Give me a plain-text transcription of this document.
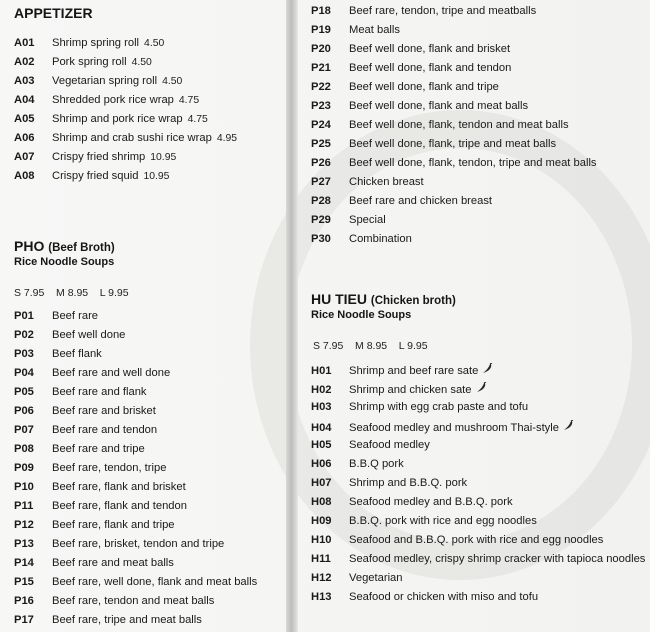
APPETIZER
A01	Shrimp spring roll 4.50
A02	Pork spring roll 4.50
A03	Vegetarian spring roll 4.50
A04	Shredded pork rice wrap 4.75
A05	Shrimp and pork rice wrap 4.75
A06	Shrimp and crab sushi rice wrap 4.95
A07	Crispy fried shrimp 10.95
A08	Crispy fried squid 10.95
PHO (Beef Broth)
Rice Noodle Soups
S 7.95    M 8.95    L 9.95
P01	Beef rare
P02	Beef well done
P03	Beef flank
P04	Beef rare and well done
P05	Beef rare and flank
P06	Beef rare and brisket
P07	Beef rare and tendon
P08	Beef rare and tripe
P09	Beef rare, tendon, tripe
P10	Beef rare, flank and brisket
P11	Beef rare, flank and tendon
P12	Beef rare, flank and tripe
P13	Beef rare, brisket, tendon and tripe
P14	Beef rare and meat balls
P15	Beef rare, well done, flank and meat balls
P16	Beef rare, tendon and meat balls
P17	Beef rare, tripe and meat balls
P18	Beef rare, tendon, tripe and meatballs
P19	Meat balls
P20	Beef well done, flank and brisket
P21	Beef well done, flank and tendon
P22	Beef well done, flank and tripe
P23	Beef well done, flank and meat balls
P24	Beef well done, flank, tendon and meat balls
P25	Beef well done, flank, tripe and meat balls
P26	Beef well done, flank, tendon, tripe and meat balls
P27	Chicken breast
P28	Beef rare and chicken breast
P29	Special
P30	Combination
HU TIEU (Chicken broth)
Rice Noodle Soups
S 7.95    M 8.95    L 9.95
H01	Shrimp and beef rare sate
H02	Shrimp and chicken sate
H03	Shrimp with egg crab paste and tofu
H04	Seafood medley and mushroom Thai-style
H05	Seafood medley
H06	B.B.Q pork
H07	Shrimp and B.B.Q. pork
H08	Seafood medley and B.B.Q. pork
H09	B.B.Q. pork with rice and egg noodles
H10	Seafood and B.B.Q. pork with rice and egg noodles
H11	Seafood medley, crispy shrimp cracker with tapioca noodles
H12	Vegetarian
H13	Seafood or chicken with miso and tofu
